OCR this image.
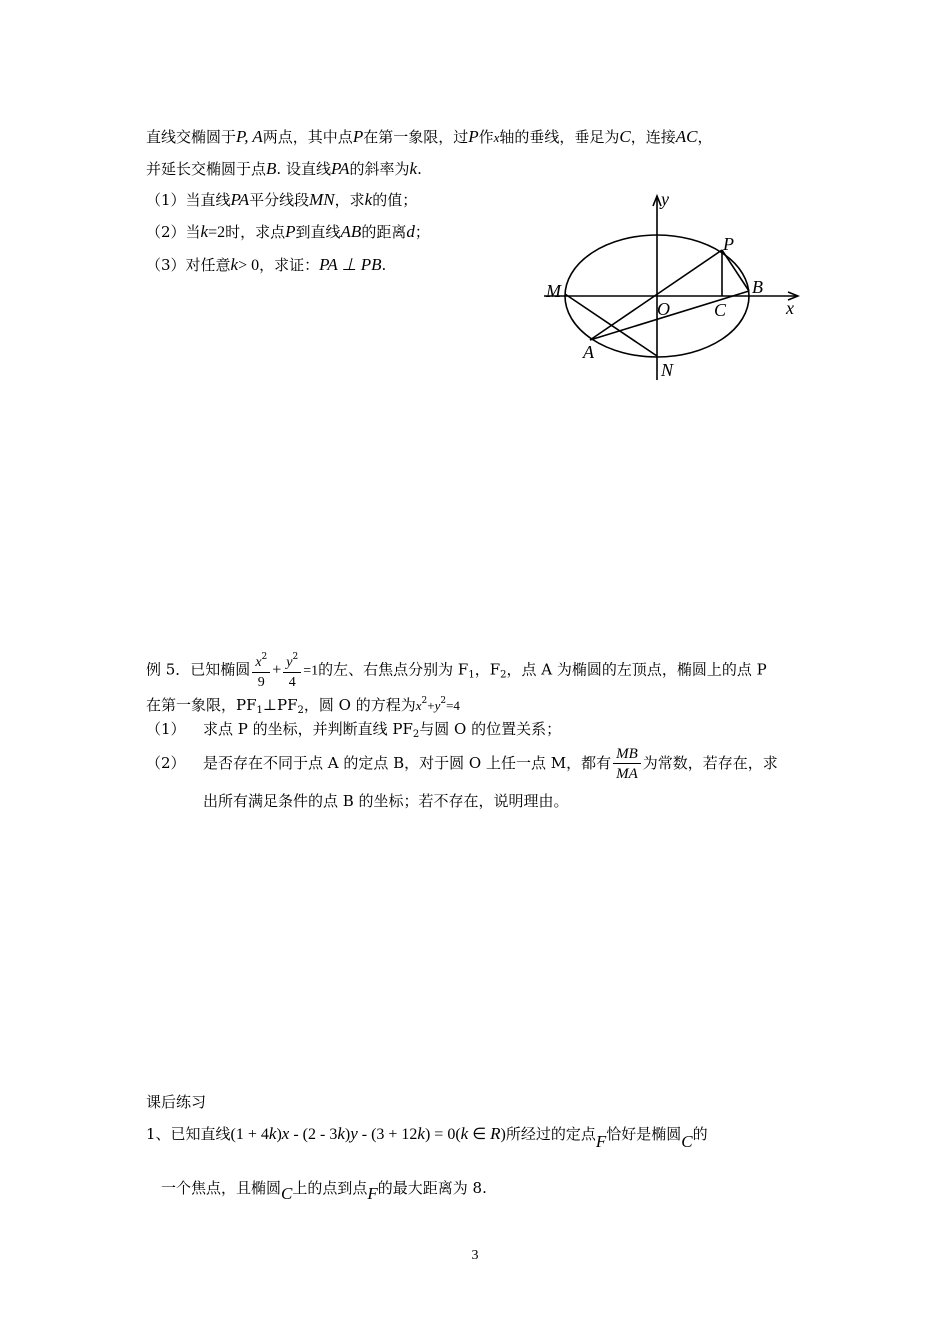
直线交椭圆于P, A两点，其中点P在第一象限，过P作x轴的垂线，垂足为C，连接AC，
并延长交椭圆于点B. 设直线PA的斜率为k.
（1）当直线PA平分线段MN，求k的值；
（2）当k=2时，求点P到直线AB的距离d；
（3）对任意k> 0，求证：PA ⊥ PB.
y
x
P
B
M
O C
A
N
例 5．已知椭圆 $\frac{x^2}{9} + \frac{y^2}{4} =1$的左、右焦点分别为 $F_1$，$F_2$，点 A 为椭圆的左顶点，椭圆上的点 P
在第一象限，$PF_1\perp PF_2$，圆 O 的方程为$x^2+y^2=4$
（1） 求点 P 的坐标，并判断直线 $PF_2$与圆 O 的位置关系；
（2） 是否存在不同于点 A 的定点 B，对于圆 O 上任一点 M，都有 $\frac{MB}{MA}$ 为常数，若存在，求
出所有满足条件的点 B 的坐标；若不存在，说明理由。
课后练习
1、已知直线(1 + 4k)x - (2 - 3k)y - (3 + 12k) = 0(k ∈ R)所经过的定点F恰好是椭圆C的
一个焦点，且椭圆C上的点到点F的最大距离为 8.
3
